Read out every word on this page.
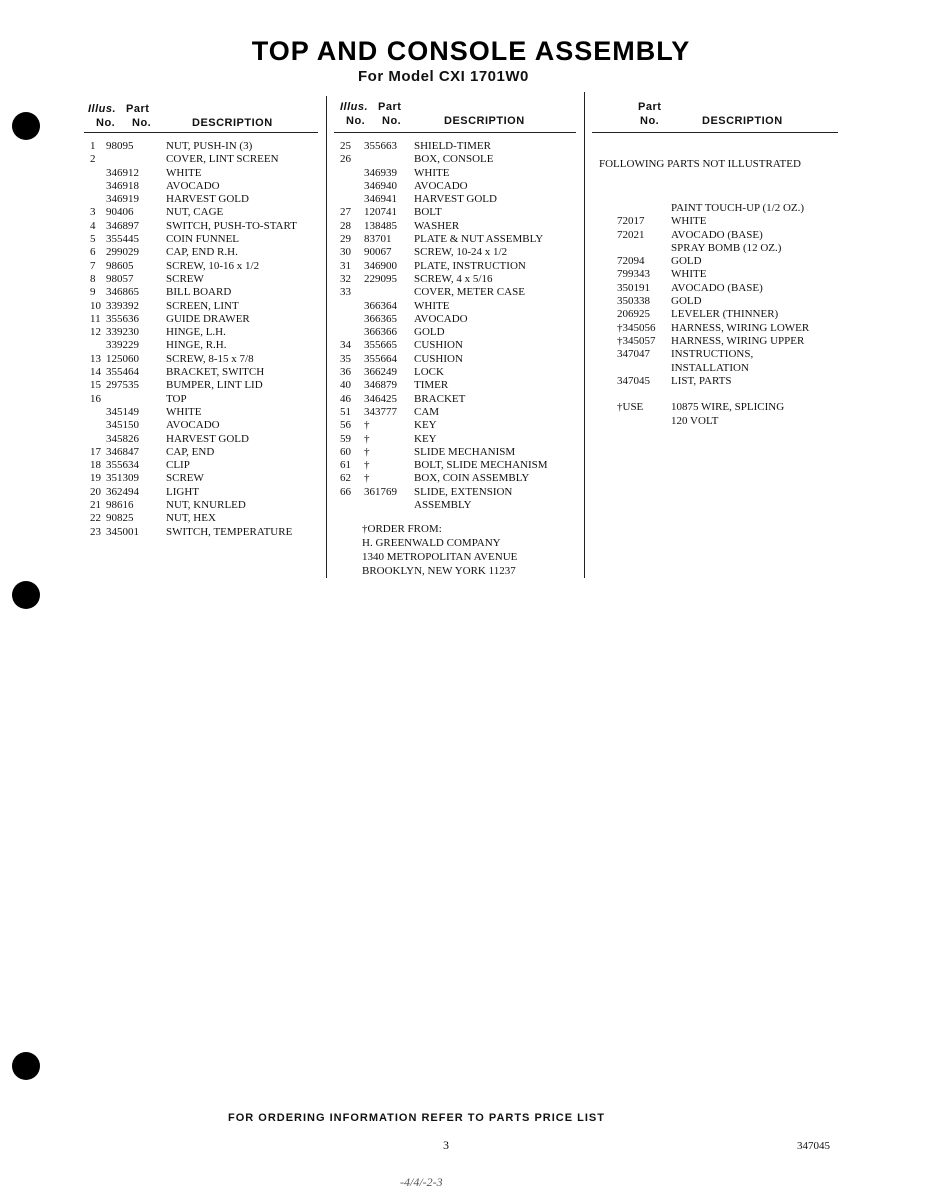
TOP AND CONSOLE ASSEMBLY
For Model CXI 1701W0
Illus. Part
No. No.	DESCRIPTION
Illus. Part
No. No.	DESCRIPTION
Part
No.	DESCRIPTION
1 98095	NUT, PUSH-IN (3)
2	COVER, LINT SCREEN
346912 WHITE
346918 AVOCADO
346919 HARVEST GOLD
3 90406	NUT, CAGE
4 346897 SWITCH, PUSH-TO-START
5 355445 COIN FUNNEL
6 299029 CAP, END R.H.
7 98605	SCREW, 10-16 x 1/2
8 98057	SCREW
9 346865 BILL BOARD
10 339392 SCREEN, LINT
11 355636 GUIDE DRAWER
12 339230 HINGE, L.H.
339229 HINGE, R.H.
13 125060 SCREW, 8-15 x 7/8
14 355464 BRACKET, SWITCH
15 297535 BUMPER, LINT LID
16	TOP
345149 WHITE
345150 AVOCADO
345826 HARVEST GOLD
17 346847 CAP, END
18 355634 CLIP
19 351309 SCREW
20 362494 LIGHT
21 98616	NUT, KNURLED
22 90825	NUT, HEX
23 345001 SWITCH, TEMPERATURE
25 355663 SHIELD-TIMER
26	BOX, CONSOLE
346939 WHITE
346940 AVOCADO
346941 HARVEST GOLD
27 120741 BOLT
28 138485 WASHER
29 83701 PLATE & NUT ASSEMBLY
30 90067 SCREW, 10-24 x 1/2
31 346900 PLATE, INSTRUCTION
32 229095 SCREW, 4 x 5/16
33	COVER, METER CASE
366364 WHITE
366365 AVOCADO
366366 GOLD
34 355665 CUSHION
35 355664 CUSHION
36 366249 LOCK
40 346879 TIMER
46 346425 BRACKET
51 343777 CAM
56 †	KEY
59 †	KEY
60 †	SLIDE MECHANISM
61 †	BOLT, SLIDE MECHANISM
62 †	BOX, COIN ASSEMBLY
66 361769 SLIDE, EXTENSION
ASSEMBLY
FOLLOWING PARTS NOT ILLUSTRATED
PAINT TOUCH-UP (1/2 OZ.)
72017 WHITE
72021 AVOCADO (BASE)
SPRAY BOMB (12 OZ.)
72094 GOLD
799343 WHITE
350191 AVOCADO (BASE)
350338 GOLD
206925 LEVELER (THINNER)
†345056 HARNESS, WIRING LOWER
†345057 HARNESS, WIRING UPPER
347047 INSTRUCTIONS,
INSTALLATION
347045 LIST, PARTS
†USE	10875 WIRE, SPLICING
120 VOLT
†ORDER FROM:
H. GREENWALD COMPANY
1340 METROPOLITAN AVENUE
BROOKLYN, NEW YORK 11237
FOR ORDERING INFORMATION REFER TO PARTS PRICE LIST
3	347045
-4/4/-2-3
